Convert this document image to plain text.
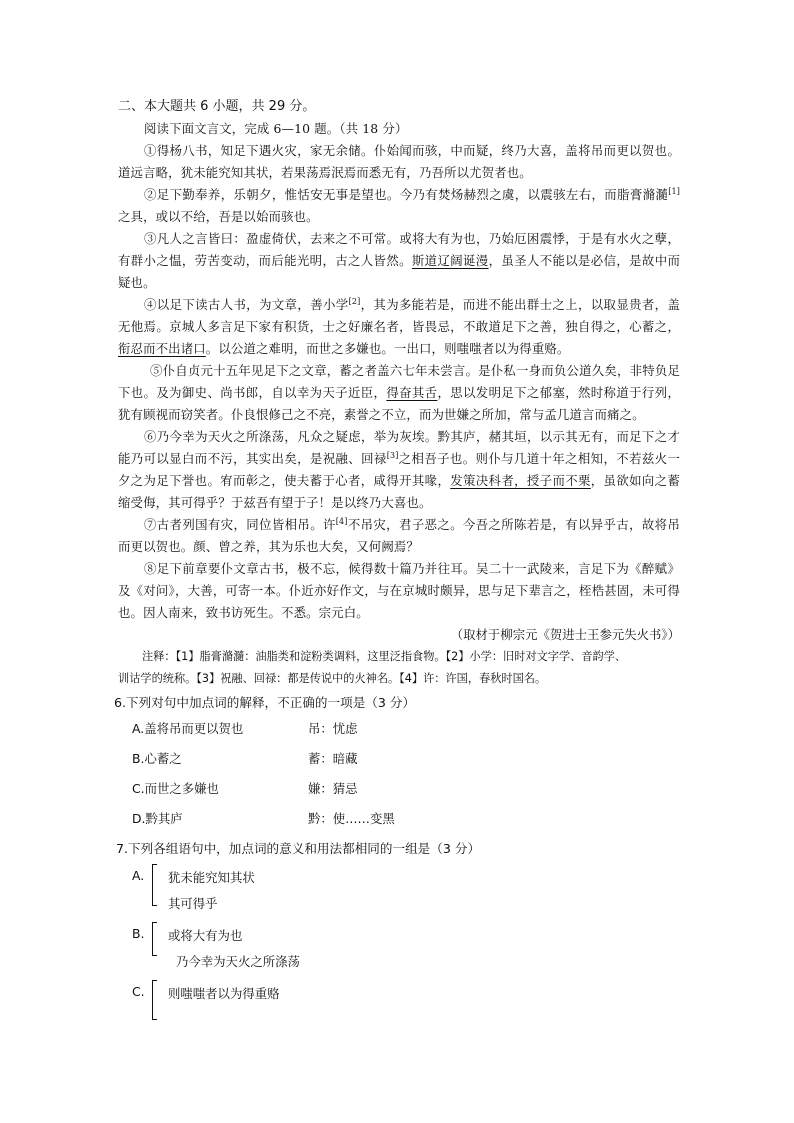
二、本大题共 6 小题，共 29 分。

阅读下面文言文，完成 6—10 题。（共 18 分）

①得杨八书，知足下遇火灾，家无余储。仆始闻而骇，中而疑，终乃大喜，盖将吊而更以贺也。道远言略，犹未能究知其状，若果荡焉泯焉而悉无有，乃吾所以尤贺者也。

②足下勤奉养，乐朝夕，惟恬安无事是望也。今乃有焚炀赫烈之虞，以震骇左右，而脂膏滫瀡[1]之具，或以不给，吾是以始而骇也。

③凡人之言皆曰：盈虚倚伏，去来之不可常。或将大有为也，乃始厄困震悸，于是有水火之孽，有群小之愠，劳苦变动，而后能光明，古之人皆然。斯道辽阔诞漫，虽圣人不能以是必信，是故中而疑也。

④以足下读古人书，为文章，善小学[2]，其为多能若是，而进不能出群士之上，以取显贵者，盖无他焉。京城人多言足下家有积货，士之好廉名者，皆畏忌，不敢道足下之善，独自得之，心蓄之，衔忍而不出诸口。以公道之难明，而世之多嫌也。一出口，则嗤嗤者以为得重赂。

⑤仆自贞元十五年见足下之文章，蓄之者盖六七年未尝言。是仆私一身而负公道久矣，非特负足下也。及为御史、尚书郎，自以幸为天子近臣，得奋其舌，思以发明足下之郁塞，然时称道于行列，犹有顾视而窃笑者。仆良恨修己之不亮，素誉之不立，而为世嫌之所加，常与孟几道言而痛之。

⑥乃今幸为天火之所涤荡，凡众之疑虑，举为灰埃。黔其庐，赭其垣，以示其无有，而足下之才能乃可以显白而不污，其实出矣，是祝融、回禄[3]之相吾子也。则仆与几道十年之相知，不若兹火一夕之为足下誉也。宥而彰之，使夫蓄于心者，咸得开其喙，发策决科者，授子而不栗，虽欲如向之蓄缩受侮，其可得乎？于兹吾有望于子！是以终乃大喜也。

⑦古者列国有灾，同位皆相吊。许[4]不吊灾，君子恶之。今吾之所陈若是，有以异乎古，故将吊而更以贺也。颜、曾之养，其为乐也大矣，又何阙焉？

⑧足下前章要仆文章古书，极不忘，候得数十篇乃并往耳。吴二十一武陵来，言足下为《醉赋》及《对问》，大善，可寄一本。仆近亦好作文，与在京城时颇异，思与足下辈言之，桎梏甚固，未可得也。因人南来，致书访死生。不悉。宗元白。

（取材于柳宗元《贺进士王参元失火书》）

注释：【1】脂膏滫瀡：油脂类和淀粉类调料，这里泛指食物。【2】小学：旧时对文字学、音韵学、

训诂学的统称。【3】祝融、回禄：都是传说中的火神名。【4】许：许国，春秋时国名。

6.下列对句中加点词的解释，不正确的一项是（3 分）

A.盖将吊而更以贺也	吊：忧虑
B.心蓄之	蓄：暗藏
C.而世之多嫌也	嫌：猜忌
D.黔其庐	黔：使……变黑

7.下列各组语句中，加点词的意义和用法都相同的一组是（3 分）

A. 犹未能究知其状
其可得乎
B. 或将大有为也
乃今幸为天火之所涤荡
C. 则嗤嗤者以为得重赂
